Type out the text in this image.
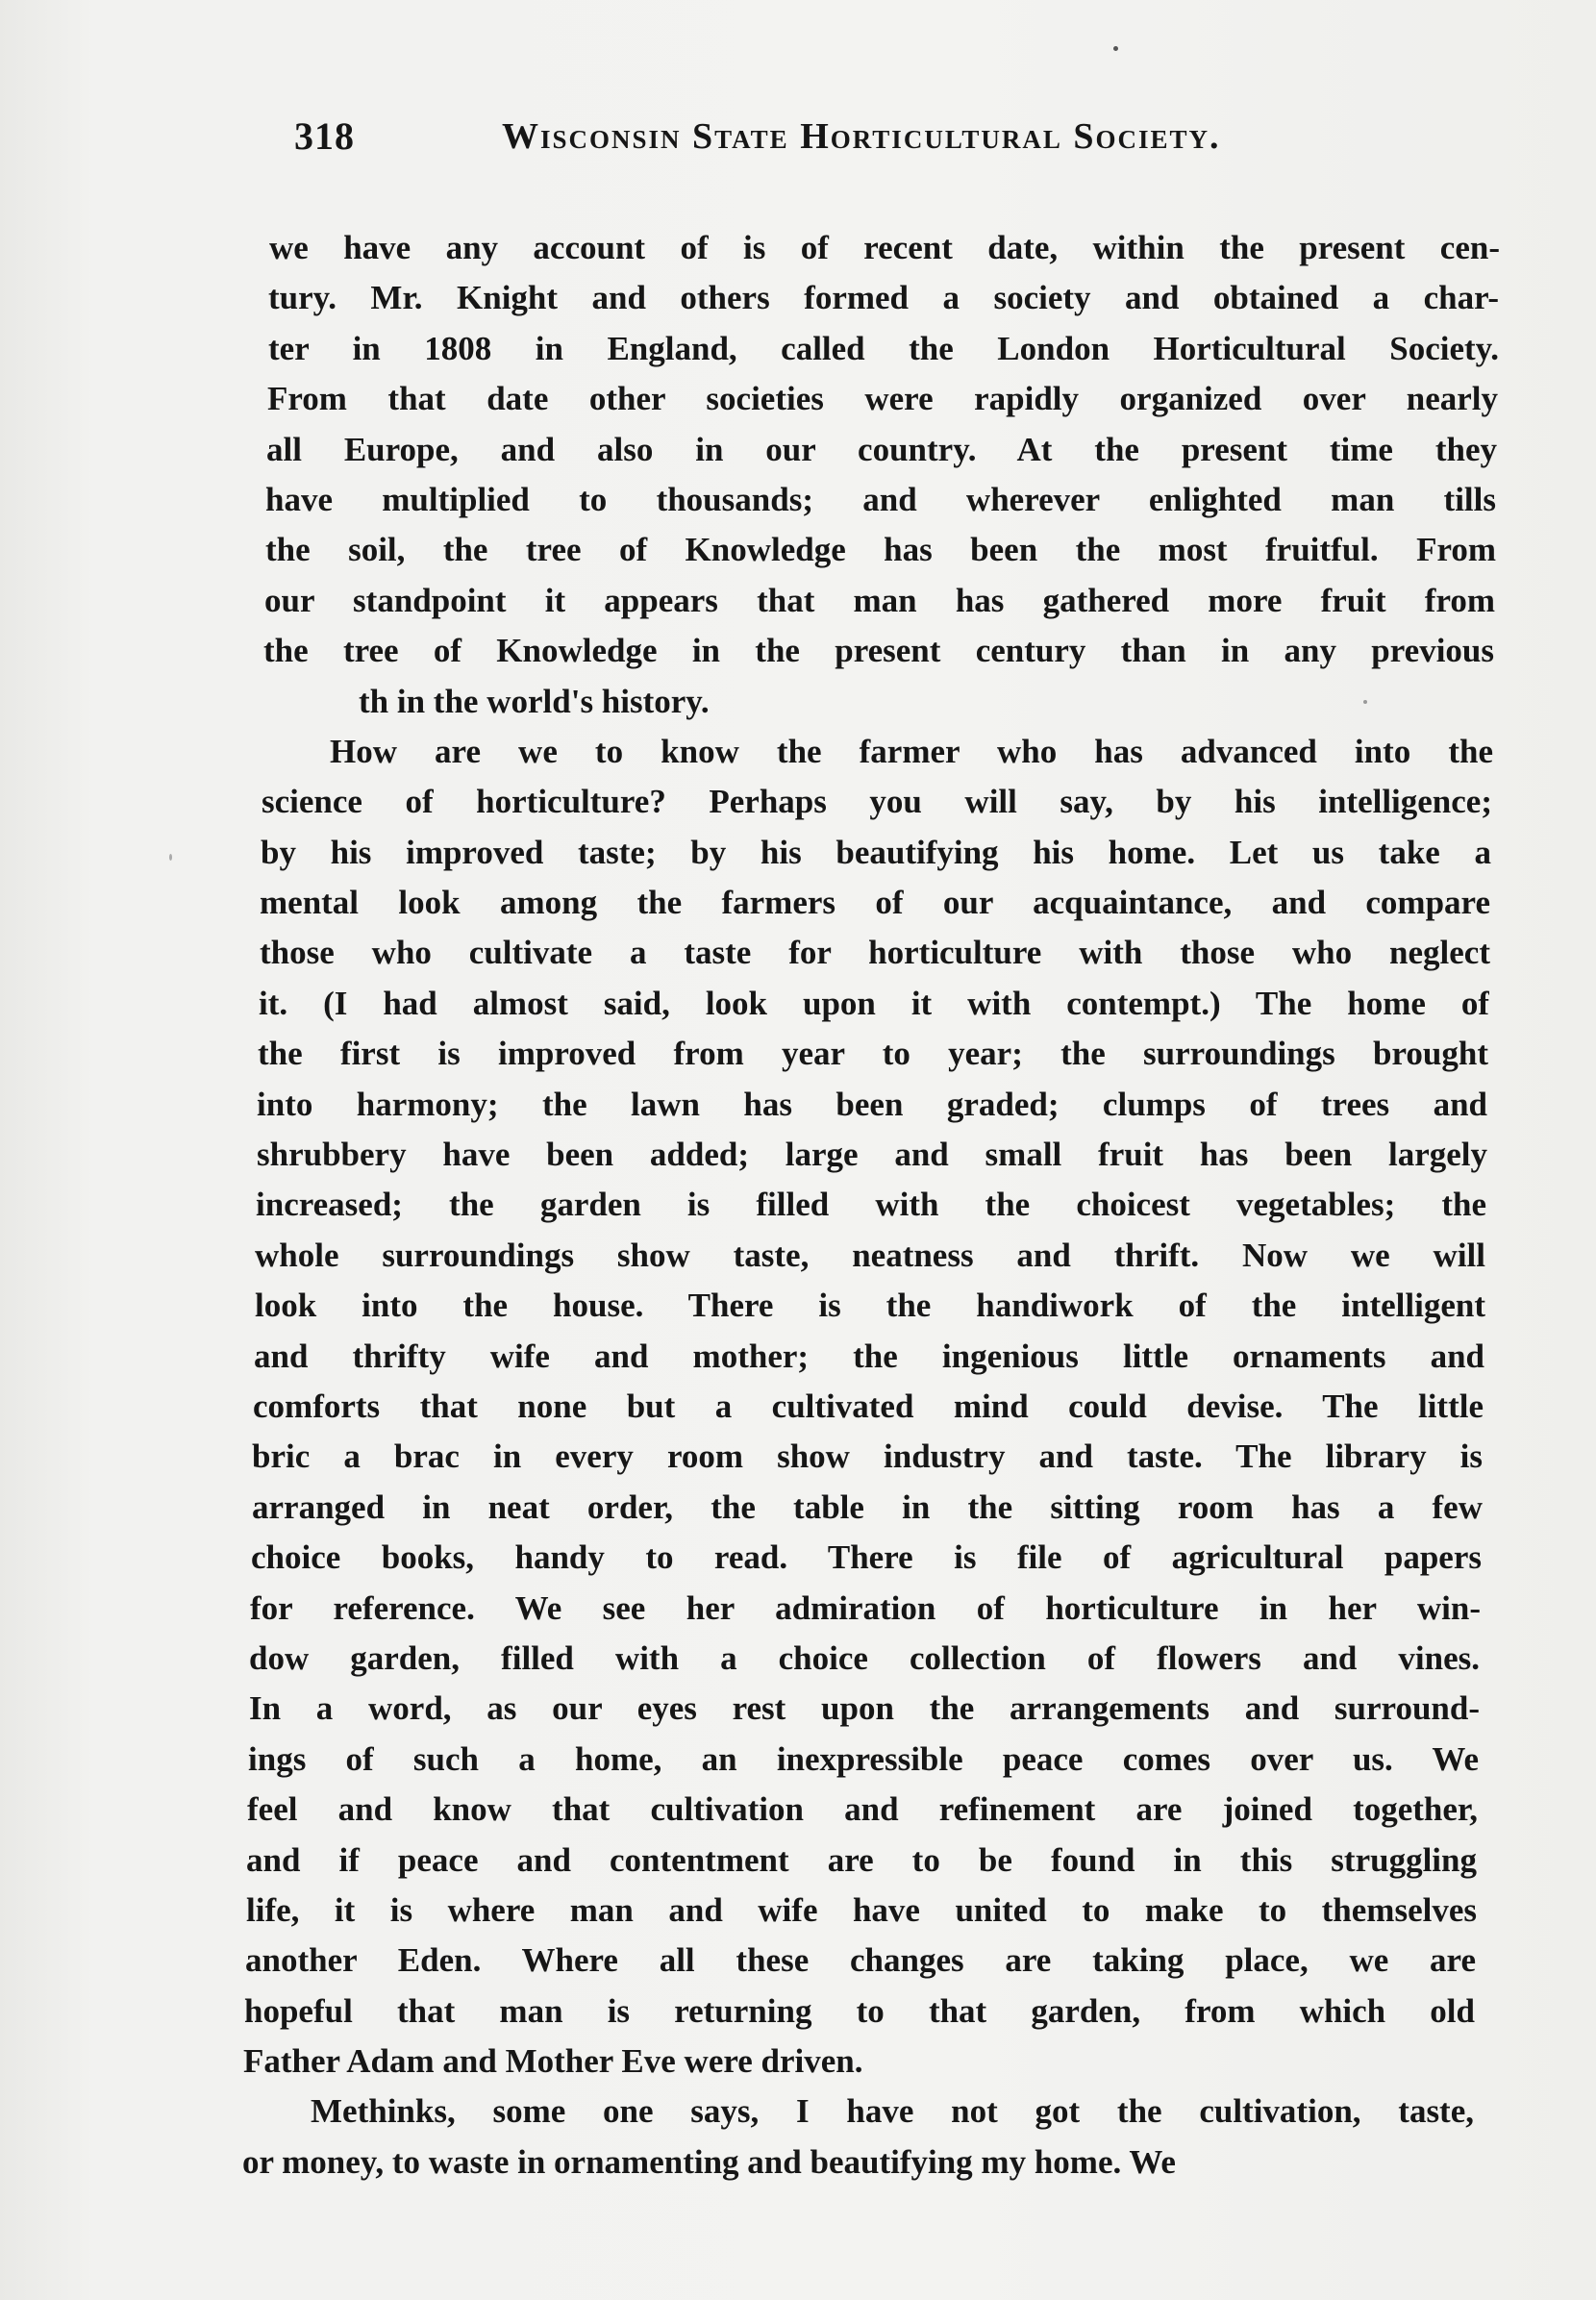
318	Wisconsin State Horticultural Society.
we have any account of is of recent date, within the present cen-
tury. Mr. Knight and others formed a society and obtained a char-
ter in 1808 in England, called the London Horticultural Society.
From that date other societies were rapidly organized over nearly
all Europe, and also in our country. At the present time they
have multiplied to thousands; and wherever enlighted man tills
the soil, the tree of Knowledge has been the most fruitful. From
our standpoint it appears that man has gathered more fruit from
the tree of Knowledge in the present century than in any previous
th in the world's history.
How are we to know the farmer who has advanced into the
science of horticulture? Perhaps you will say, by his intelligence;
by his improved taste; by his beautifying his home. Let us take a
mental look among the farmers of our acquaintance, and compare
those who cultivate a taste for horticulture with those who neglect
it. (I had almost said, look upon it with contempt.) The home of
the first is improved from year to year; the surroundings brought
into harmony; the lawn has been graded; clumps of trees and
shrubbery have been added; large and small fruit has been largely
increased; the garden is filled with the choicest vegetables; the
whole surroundings show taste, neatness and thrift. Now we will
look into the house. There is the handiwork of the intelligent
and thrifty wife and mother; the ingenious little ornaments and
comforts that none but a cultivated mind could devise. The little
bric a brac in every room show industry and taste. The library is
arranged in neat order, the table in the sitting room has a few
choice books, handy to read. There is file of agricultural papers
for reference. We see her admiration of horticulture in her win-
dow garden, filled with a choice collection of flowers and vines.
In a word, as our eyes rest upon the arrangements and surround-
ings of such a home, an inexpressible peace comes over us. We
feel and know that cultivation and refinement are joined together,
and if peace and contentment are to be found in this struggling
life, it is where man and wife have united to make to themselves
another Eden. Where all these changes are taking place, we are
hopeful that man is returning to that garden, from which old
Father Adam and Mother Eve were driven.
Methinks, some one says, I have not got the cultivation, taste,
or money, to waste in ornamenting and beautifying my home. We
